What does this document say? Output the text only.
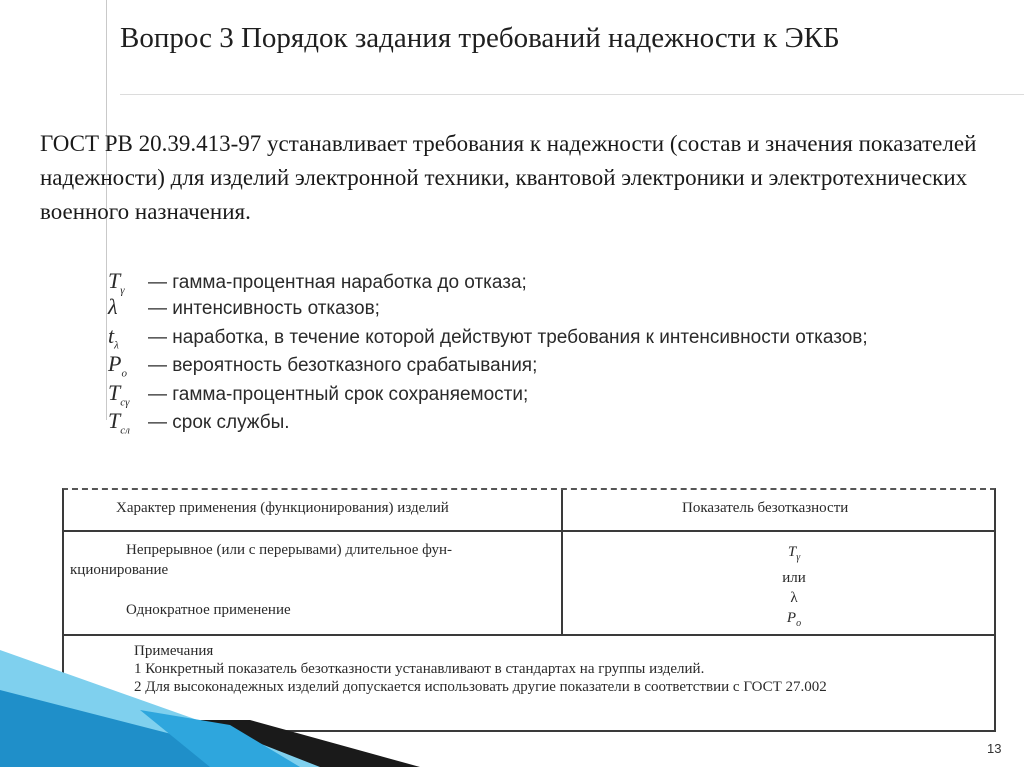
Вопрос 3 Порядок задания требований надежности к ЭКБ
ГОСТ РВ 20.39.413-97 устанавливает требования к надежности (состав и значения показателей надежности) для изделий электронной техники, квантовой электроники и электротехнических военного назначения.
$T_\gamma$ — гамма-процентная наработка до отказа;
λ — интенсивность отказов;
$t_\lambda$ — наработка, в течение которой действуют требования к интенсивности отказов;
$P_о$ — вероятность безотказного срабатывания;
$T_{c\gamma}$ — гамма-процентный срок сохраняемости;
$T_{сл}$ — срок службы.
Характер применения (функционирования) изделий	Показатель безотказности
Непрерывное (или с перерывами) длительное фун-
кционирование
Однократное применение
$T_\gamma$
или
λ
$P_о$
Примечания
1 Конкретный показатель безотказности устанавливают в стандартах на группы изделий.
2 Для высоконадежных изделий допускается использовать другие показатели в соответствии с ГОСТ 27.002
13
